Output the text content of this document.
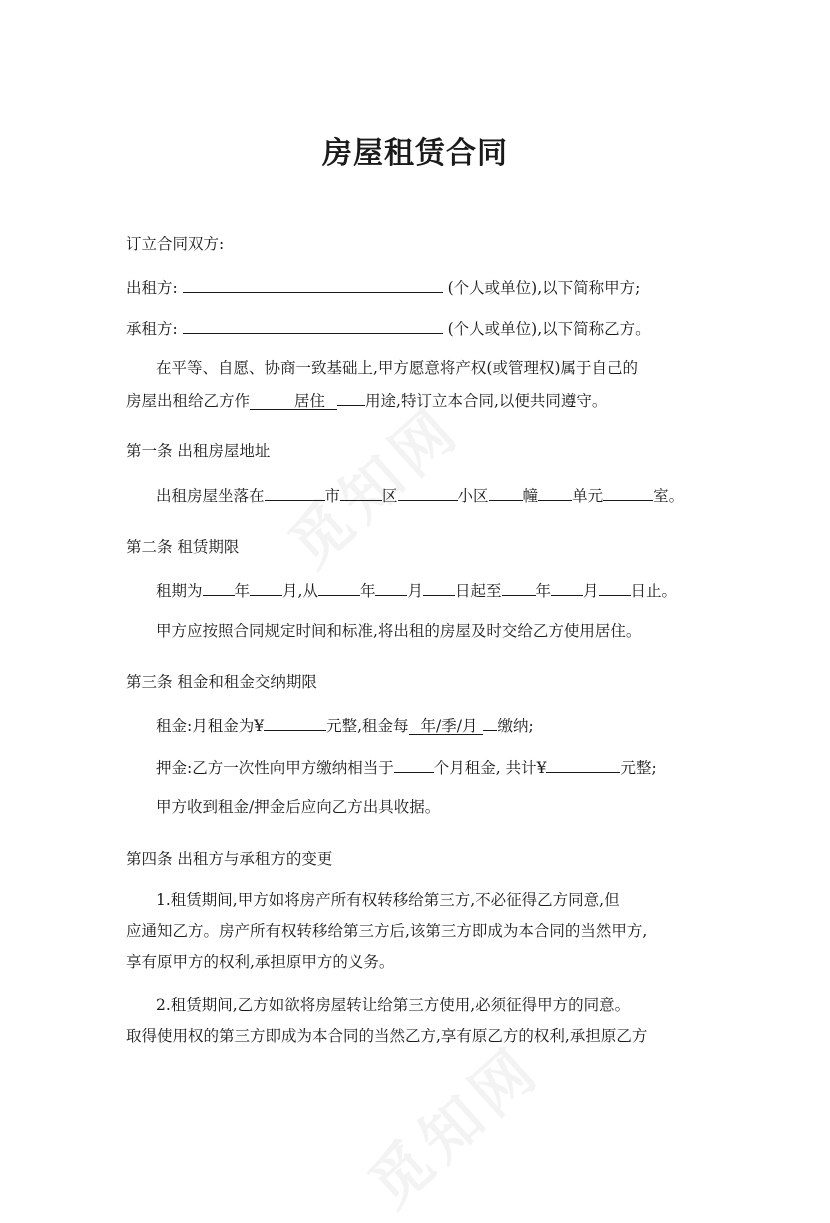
房屋租赁合同
订立合同双方:
出租方:	(个人或单位),以下简称甲方;
承租方:	(个人或单位),以下简称乙方。
在平等、自愿、协商一致基础上,甲方愿意将产权(或管理权)属于自己的
房屋出租给乙方作	居住	用途,特订立本合同,以便共同遵守。
第一条 出租房屋地址
出租房屋坐落在	市	区	小区 幢 单元	室。
第二条 租赁期限
租期为 年 月,从	年 月 日起至 年 月 日止。
甲方应按照合同规定时间和标准,将出租的房屋及时交给乙方使用居住。
第三条 租金和租金交纳期限
租金:月租金为¥	元整,租金每 年/季/月 缴纳;
押金:乙方一次性向甲方缴纳相当于	个月租金, 共计¥	元整;
甲方收到租金/押金后应向乙方出具收据。
第四条 出租方与承租方的变更
1.租赁期间,甲方如将房产所有权转移给第三方,不必征得乙方同意,但
应通知乙方。房产所有权转移给第三方后,该第三方即成为本合同的当然甲方,
享有原甲方的权利,承担原甲方的义务。
2.租赁期间,乙方如欲将房屋转让给第三方使用,必须征得甲方的同意。
取得使用权的第三方即成为本合同的当然乙方,享有原乙方的权利,承担原乙方
